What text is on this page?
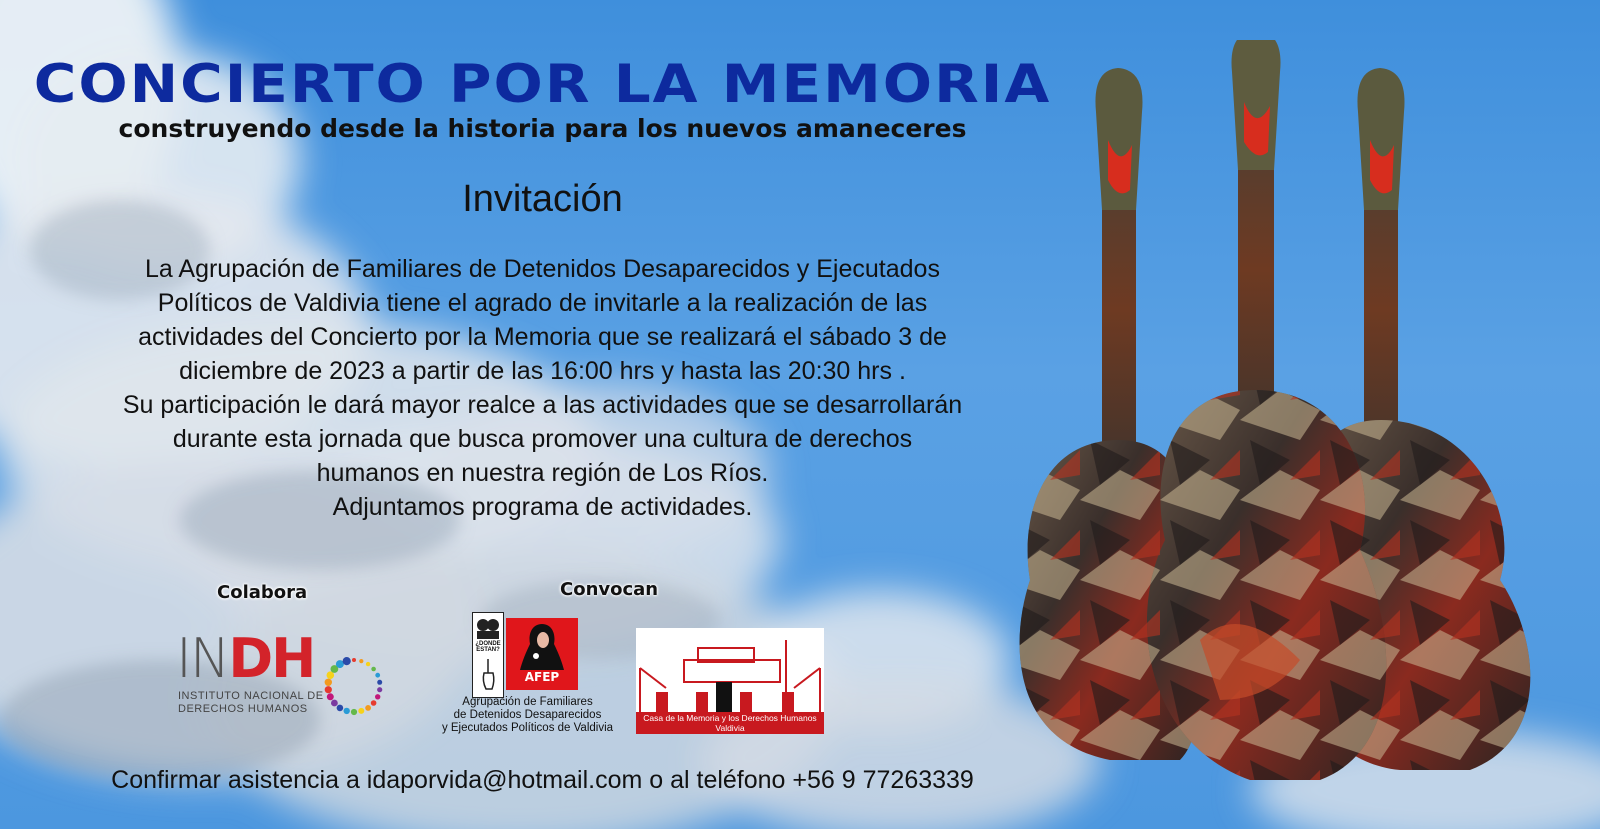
CONCIERTO POR LA MEMORIA
construyendo desde la historia para los nuevos amaneceres
Invitación
La Agrupación de Familiares de Detenidos Desaparecidos y Ejecutados
Políticos de Valdivia tiene el agrado de invitarle a la realización de las
actividades del Concierto por la Memoria que se realizará el sábado 3 de
diciembre de 2023 a partir de las 16:00 hrs y hasta las 20:30 hrs .
Su participación le dará mayor realce a las actividades que se desarrollarán
durante esta jornada que busca promover una cultura de derechos
humanos en nuestra región de Los Ríos.
Adjuntamos programa de actividades.
Colabora	Convocan
INDH
INSTITUTO NACIONAL DE
DERECHOS HUMANOS
¿DONDE ESTAN?
AFEP
Agrupación de Familiares
de Detenidos Desaparecidos
y Ejecutados Políticos de Valdivia
Casa de la Memoria y los Derechos Humanos
Valdivia
Confirmar asistencia a idaporvida@hotmail.com o al teléfono +56 9 77263339
